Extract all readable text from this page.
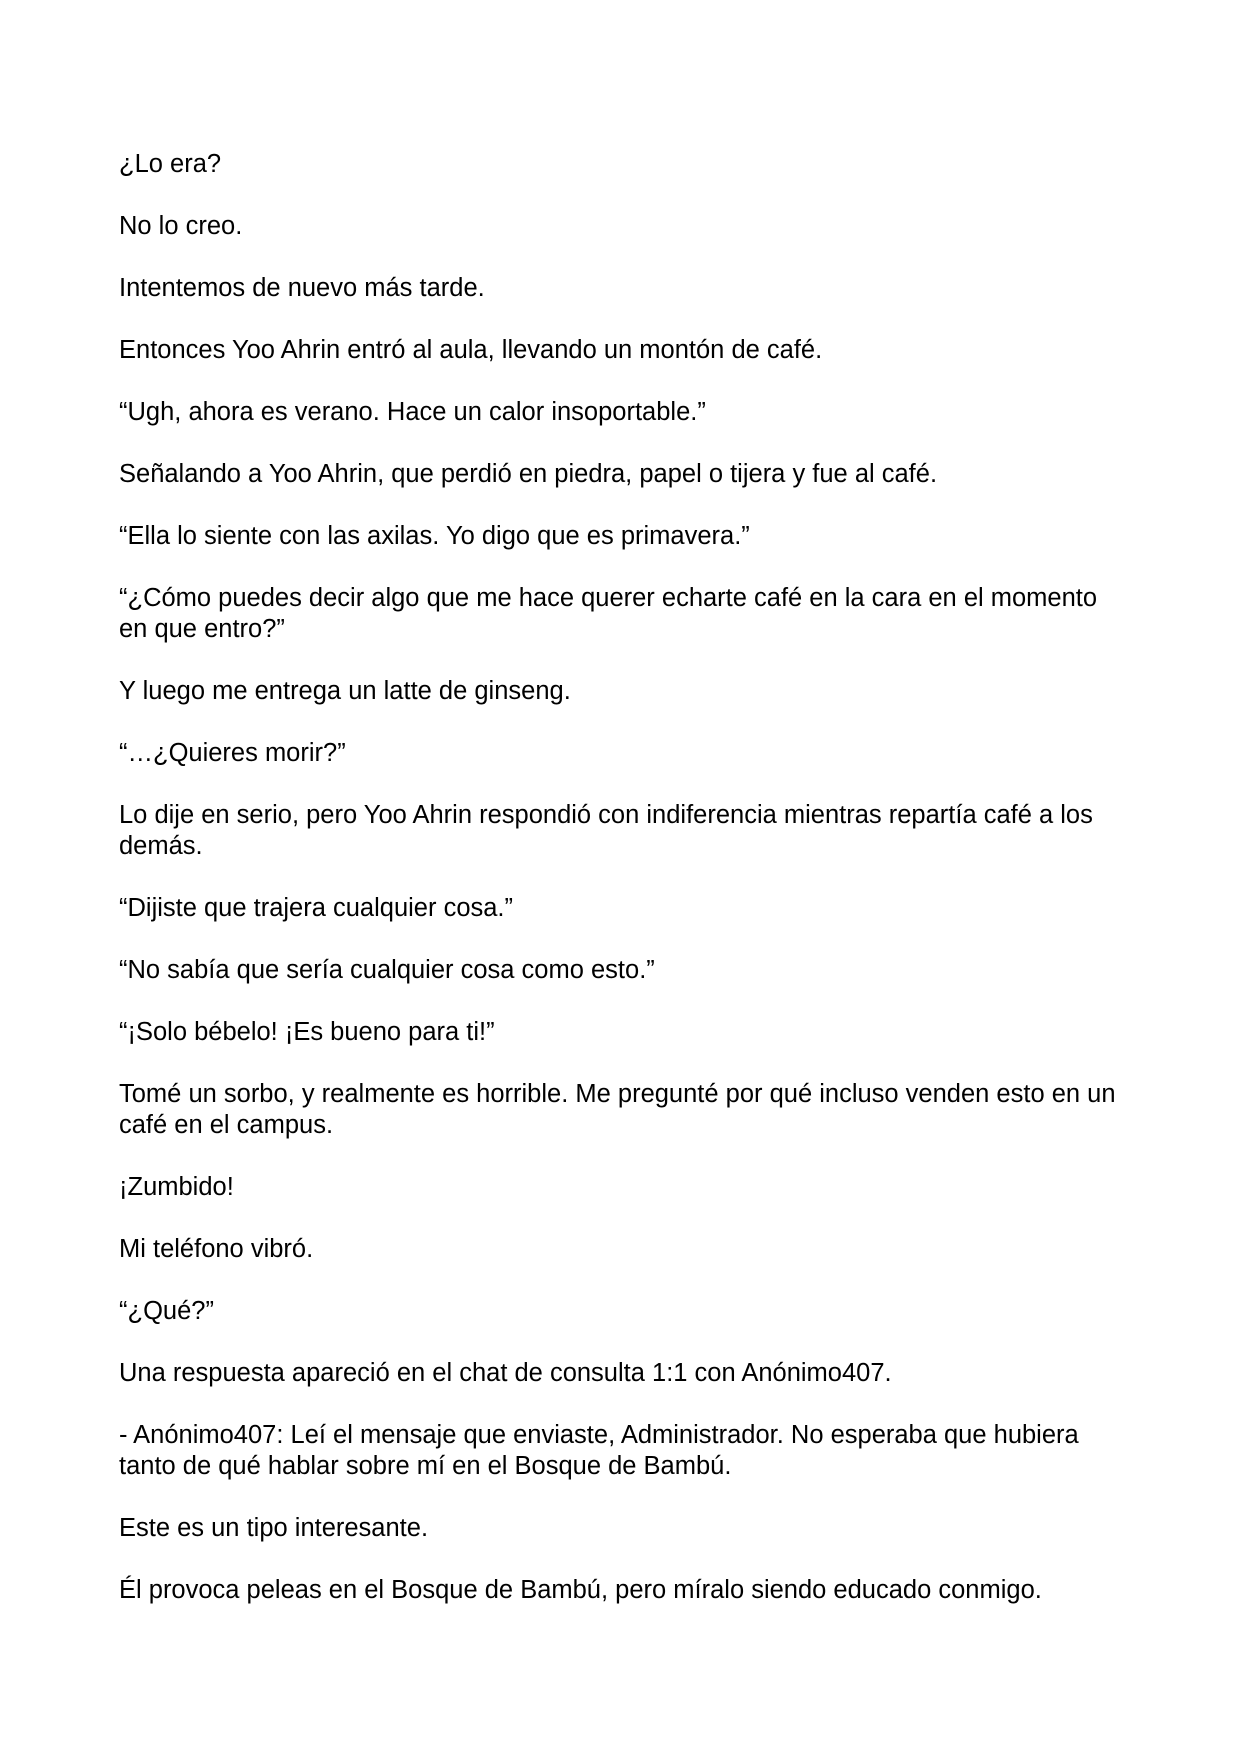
¿Lo era?

No lo creo.

Intentemos de nuevo más tarde.

Entonces Yoo Ahrin entró al aula, llevando un montón de café.

“Ugh, ahora es verano. Hace un calor insoportable.”

Señalando a Yoo Ahrin, que perdió en piedra, papel o tijera y fue al café.

“Ella lo siente con las axilas. Yo digo que es primavera.”

“¿Cómo puedes decir algo que me hace querer echarte café en la cara en el momento en que entro?”

Y luego me entrega un latte de ginseng.

“…¿Quieres morir?”

Lo dije en serio, pero Yoo Ahrin respondió con indiferencia mientras repartía café a los demás.

“Dijiste que trajera cualquier cosa.”

“No sabía que sería cualquier cosa como esto.”

“¡Solo bébelo! ¡Es bueno para ti!”

Tomé un sorbo, y realmente es horrible. Me pregunté por qué incluso venden esto en un café en el campus.

¡Zumbido!

Mi teléfono vibró.

“¿Qué?”

Una respuesta apareció en el chat de consulta 1:1 con Anónimo407.

- Anónimo407: Leí el mensaje que enviaste, Administrador. No esperaba que hubiera tanto de qué hablar sobre mí en el Bosque de Bambú.

Este es un tipo interesante.

Él provoca peleas en el Bosque de Bambú, pero míralo siendo educado conmigo.
